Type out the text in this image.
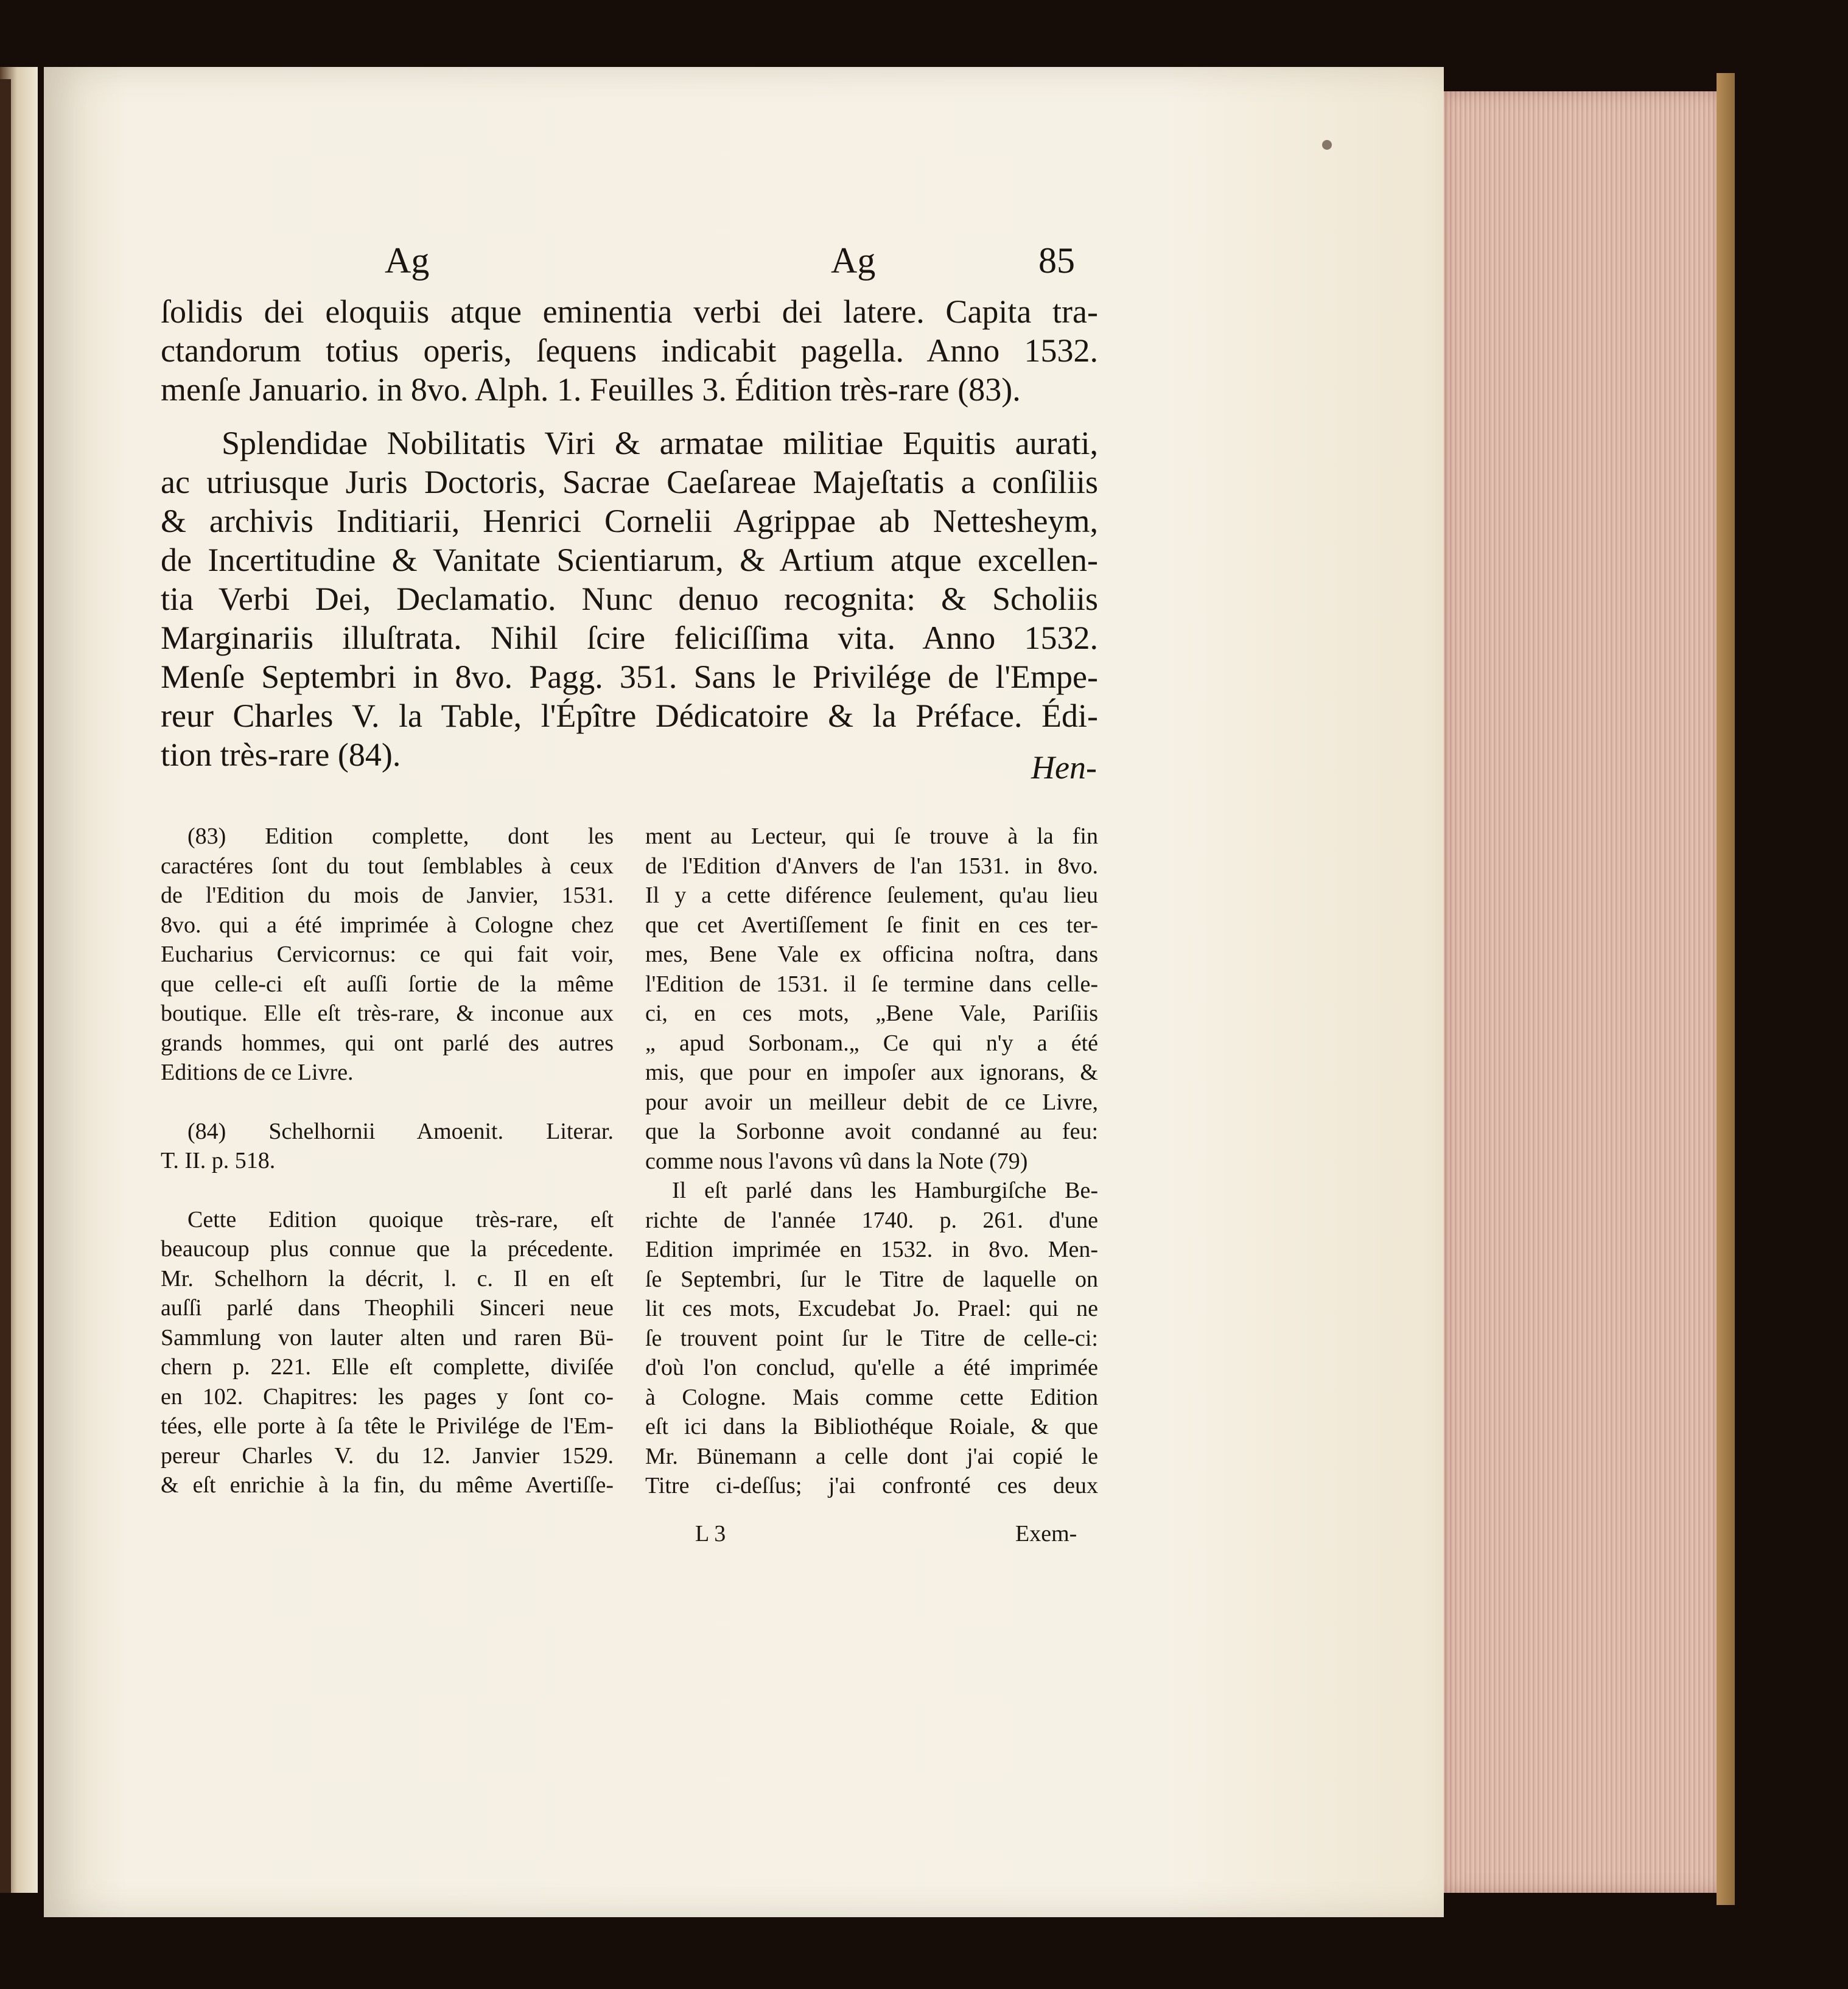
Ag	Ag	85
ſolidis dei eloquiis atque eminentia verbi dei latere. Capita tra-
ctandorum totius operis, ſequens indicabit pagella. Anno 1532.
menſe Januario. in 8vo. Alph. 1. Feuilles 3. Édition très-rare (83).
Splendidae Nobilitatis Viri & armatae militiae Equitis aurati,
ac utriusque Juris Doctoris, Sacrae Caeſareae Majeſtatis a conſiliis
& archivis Inditiarii, Henrici Cornelii Agrippae ab Nettesheym,
de Incertitudine & Vanitate Scientiarum, & Artium atque excellen-
tia Verbi Dei, Declamatio. Nunc denuo recognita: & Scholiis
Marginariis illuſtrata. Nihil ſcire feliciſſima vita. Anno 1532.
Menſe Septembri in 8vo. Pagg. 351. Sans le Privilége de l'Empe-
reur Charles V. la Table, l'Épître Dédicatoire & la Préface. Édi-
tion très-rare (84).	Hen-
(83) Edition complette, dont les
caractéres ſont du tout ſemblables à ceux
de l'Edition du mois de Janvier, 1531.
8vo. qui a été imprimée à Cologne chez
Eucharius Cervicornus: ce qui fait voir,
que celle-ci eſt auſſi ſortie de la même
boutique. Elle eſt très-rare, & inconue aux
grands hommes, qui ont parlé des autres
Editions de ce Livre.
(84) Schelhornii Amoenit. Literar.
T. II. p. 518.
Cette Edition quoique très-rare, eſt
beaucoup plus connue que la précedente.
Mr. Schelhorn la décrit, l. c. Il en eſt
auſſi parlé dans Theophili Sinceri neue
Sammlung von lauter alten und raren Bü-
chern p. 221. Elle eſt complette, diviſée
en 102. Chapitres: les pages y ſont co-
tées, elle porte à ſa tête le Privilége de l'Em-
pereur Charles V. du 12. Janvier 1529.
& eſt enrichie à la fin, du même Avertiſſe-
ment au Lecteur, qui ſe trouve à la fin
de l'Edition d'Anvers de l'an 1531. in 8vo.
Il y a cette diférence ſeulement, qu'au lieu
que cet Avertiſſement ſe finit en ces ter-
mes, Bene Vale ex officina noſtra, dans
l'Edition de 1531. il ſe termine dans celle-
ci, en ces mots, „Bene Vale, Pariſiis
„ apud Sorbonam.„ Ce qui n'y a été
mis, que pour en impoſer aux ignorans, &
pour avoir un meilleur debit de ce Livre,
que la Sorbonne avoit condanné au feu:
comme nous l'avons vû dans la Note (79)
Il eſt parlé dans les Hamburgiſche Be-
richte de l'année 1740. p. 261. d'une
Edition imprimée en 1532. in 8vo. Men-
ſe Septembri, ſur le Titre de laquelle on
lit ces mots, Excudebat Jo. Prael: qui ne
ſe trouvent point ſur le Titre de celle-ci:
d'où l'on conclud, qu'elle a été imprimée
à Cologne. Mais comme cette Edition
eſt ici dans la Bibliothéque Roiale, & que
Mr. Bünemann a celle dont j'ai copié le
Titre ci-deſſus; j'ai confronté ces deux
L 3	Exem-
